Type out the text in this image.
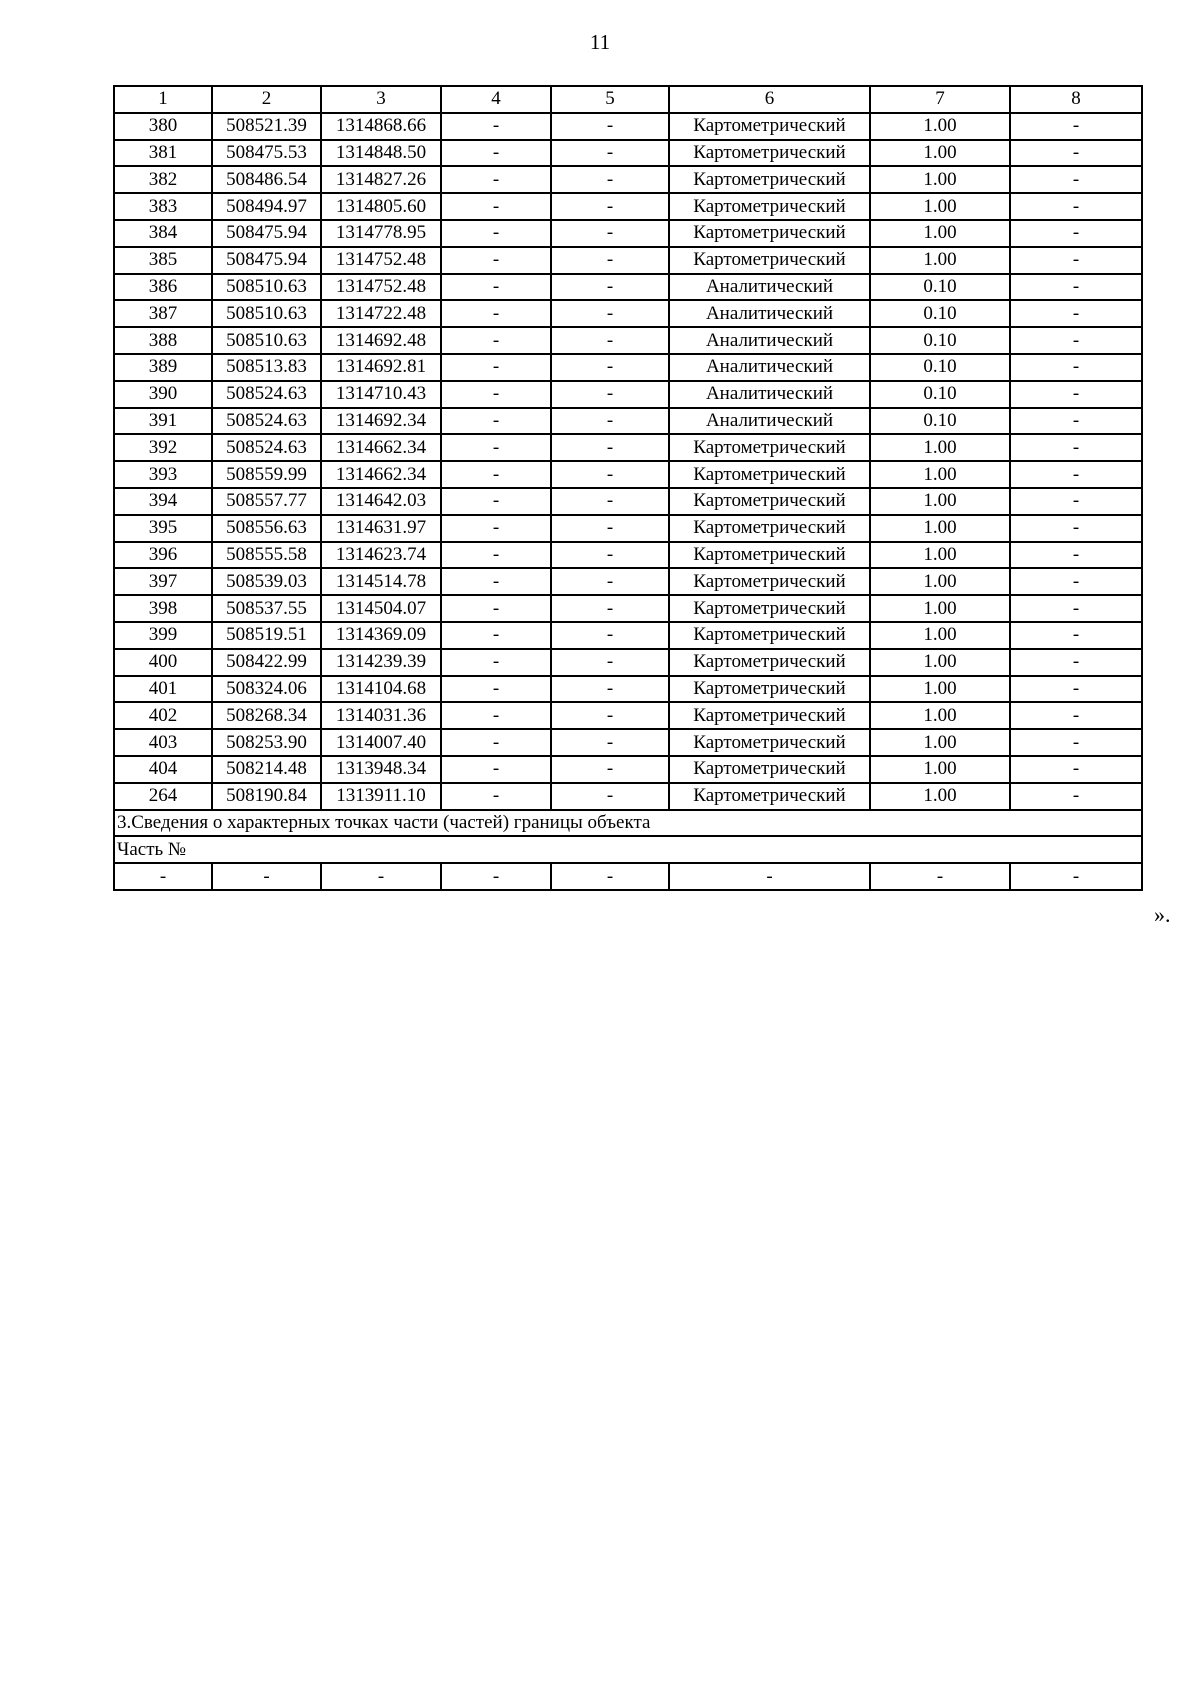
11
1	2	3	4	5	6	7	8
380	508521.39	1314868.66	-	-	Картометрический	1.00	-
381	508475.53	1314848.50	-	-	Картометрический	1.00	-
382	508486.54	1314827.26	-	-	Картометрический	1.00	-
383	508494.97	1314805.60	-	-	Картометрический	1.00	-
384	508475.94	1314778.95	-	-	Картометрический	1.00	-
385	508475.94	1314752.48	-	-	Картометрический	1.00	-
386	508510.63	1314752.48	-	-	Аналитический	0.10	-
387	508510.63	1314722.48	-	-	Аналитический	0.10	-
388	508510.63	1314692.48	-	-	Аналитический	0.10	-
389	508513.83	1314692.81	-	-	Аналитический	0.10	-
390	508524.63	1314710.43	-	-	Аналитический	0.10	-
391	508524.63	1314692.34	-	-	Аналитический	0.10	-
392	508524.63	1314662.34	-	-	Картометрический	1.00	-
393	508559.99	1314662.34	-	-	Картометрический	1.00	-
394	508557.77	1314642.03	-	-	Картометрический	1.00	-
395	508556.63	1314631.97	-	-	Картометрический	1.00	-
396	508555.58	1314623.74	-	-	Картометрический	1.00	-
397	508539.03	1314514.78	-	-	Картометрический	1.00	-
398	508537.55	1314504.07	-	-	Картометрический	1.00	-
399	508519.51	1314369.09	-	-	Картометрический	1.00	-
400	508422.99	1314239.39	-	-	Картометрический	1.00	-
401	508324.06	1314104.68	-	-	Картометрический	1.00	-
402	508268.34	1314031.36	-	-	Картометрический	1.00	-
403	508253.90	1314007.40	-	-	Картометрический	1.00	-
404	508214.48	1313948.34	-	-	Картометрический	1.00	-
264	508190.84	1313911.10	-	-	Картометрический	1.00	-
3.Сведения о характерных точках части (частей) границы объекта							
Часть №							
-	-	-	-	-	-	-	-
».
